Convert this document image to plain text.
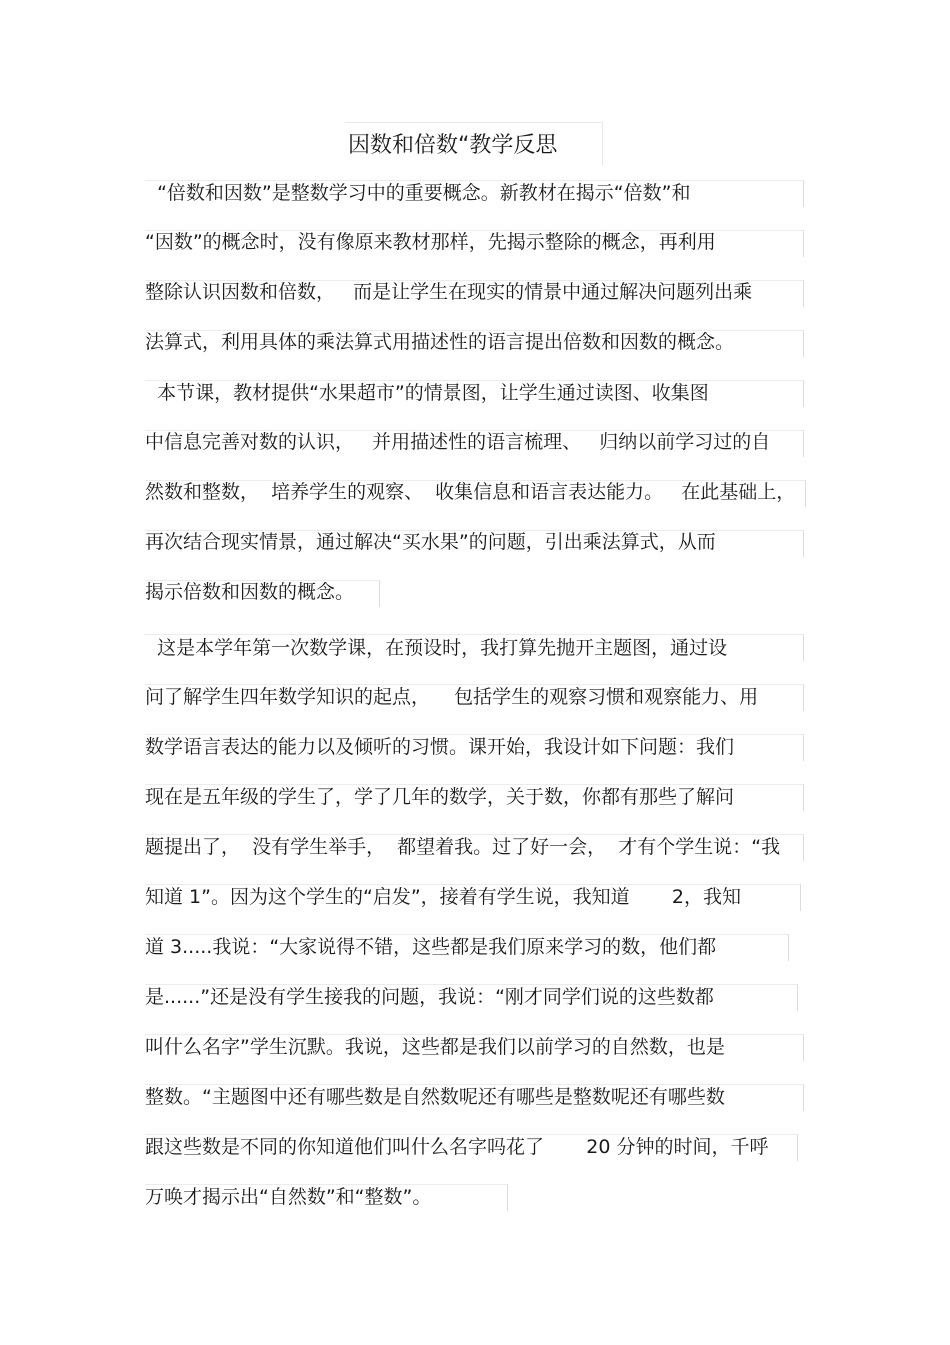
因数和倍数“教学反思

“倍数和因数”是整数学习中的重要概念。新教材在揭示“倍数”和

“因数”的概念时，没有像原来教材那样，先揭示整除的概念，再利用

整除认识因数和倍数，   而是让学生在现实的情景中通过解决问题列出乘

法算式，利用具体的乘法算式用描述性的语言提出倍数和因数的概念。

本节课，教材提供“水果超市”的情景图，让学生通过读图、收集图

中信息完善对数的认识，   并用描述性的语言梳理、   归纳以前学习过的自

然数和整数，  培养学生的观察、  收集信息和语言表达能力。   在此基础上，

再次结合现实情景，通过解决“买水果”的问题，引出乘法算式，从而

揭示倍数和因数的概念。

这是本学年第一次数学课，在预设时，我打算先抛开主题图，通过设

问了解学生四年数学知识的起点，    包括学生的观察习惯和观察能力、用

数学语言表达的能力以及倾听的习惯。课开始，我设计如下问题：我们

现在是五年级的学生了，学了几年的数学，关于数，你都有那些了解问

题提出了，  没有学生举手，  都望着我。过了好一会，  才有个学生说：“我

知道 1”。因为这个学生的“启发”，接着有学生说，我知道       2，我知

道 3.....我说：“大家说得不错，这些都是我们原来学习的数，他们都

是......”还是没有学生接我的问题，我说：“刚才同学们说的这些数都

叫什么名字”学生沉默。我说，这些都是我们以前学习的自然数，也是

整数。“主题图中还有哪些数是自然数呢还有哪些是整数呢还有哪些数

跟这些数是不同的你知道他们叫什么名字吗花了       20 分钟的时间，千呼

万唤才揭示出“自然数”和“整数”。
